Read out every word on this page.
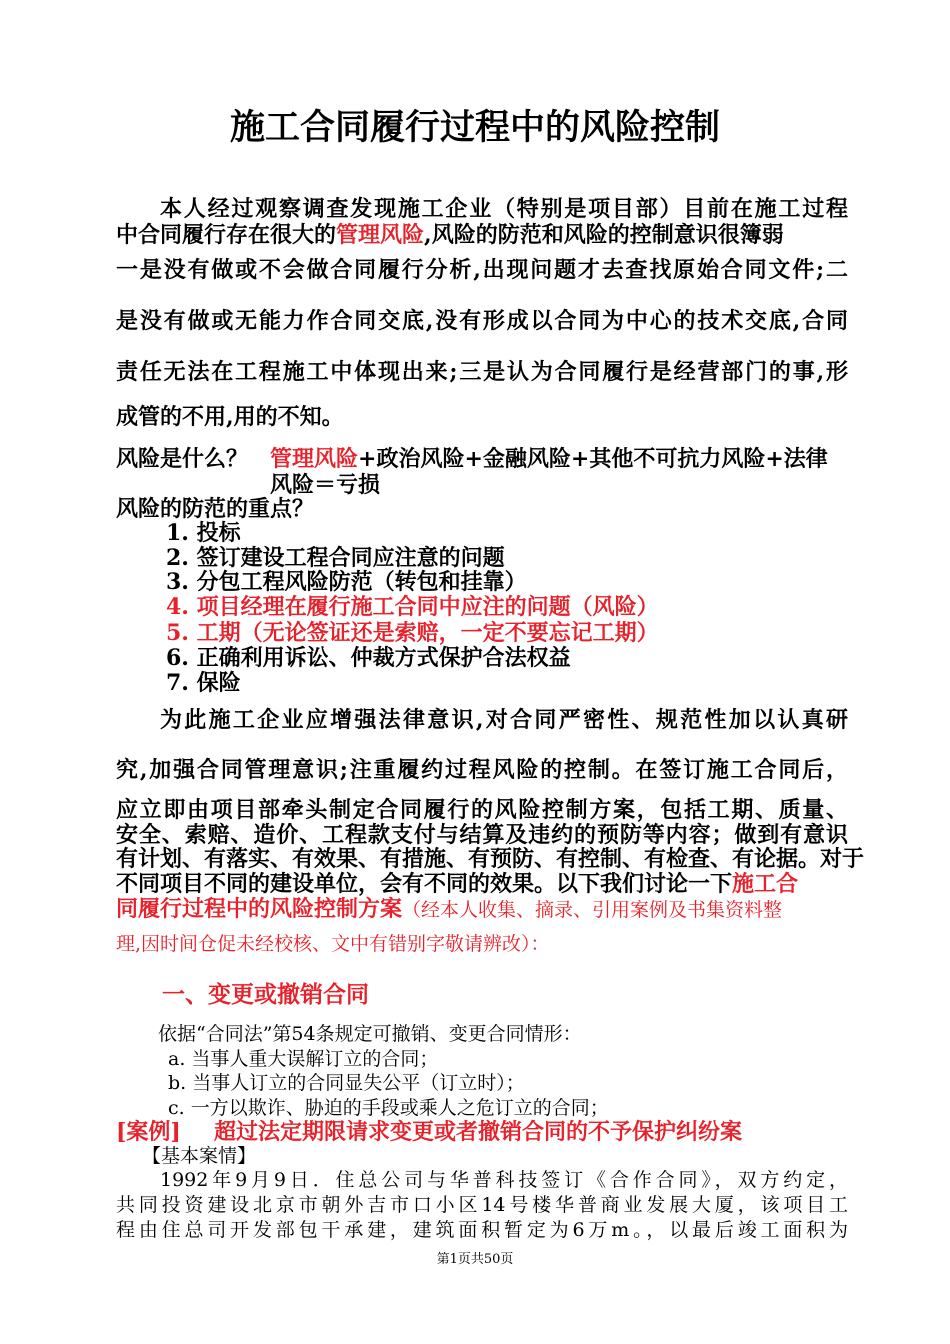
施工合同履行过程中的风险控制
本人经过观察调查发现施工企业（特别是项目部）目前在施工过程
中合同履行存在很大的管理风险,风险的防范和风险的控制意识很簿弱
一是没有做或不会做合同履行分析,出现问题才去查找原始合同文件;二
是没有做或无能力作合同交底,没有形成以合同为中心的技术交底,合同
责任无法在工程施工中体现出来;三是认为合同履行是经营部门的事,形
成管的不用,用的不知。
风险是什么？ 管理风险+政治风险+金融风险+其他不可抗力风险+法律
风险＝亏损
风险的防范的重点？
1. 投标
2. 签订建设工程合同应注意的问题
3. 分包工程风险防范（转包和挂靠）
4. 项目经理在履行施工合同中应注的问题（风险）
5. 工期（无论签证还是索赔，一定不要忘记工期）
6. 正确利用诉讼、仲裁方式保护合法权益
7. 保险
为此施工企业应增强法律意识,对合同严密性、规范性加以认真研
究,加强合同管理意识;注重履约过程风险的控制。在签订施工合同后，
应立即由项目部牵头制定合同履行的风险控制方案，包括工期、质量、
安全、索赔、造价、工程款支付与结算及违约的预防等内容；做到有意识
有计划、有落实、有效果、有措施、有预防、有控制、有检查、有论据。对于
不同项目不同的建设单位，会有不同的效果。以下我们讨论一下施工合
同履行过程中的风险控制方案（经本人收集、摘录、引用案例及书集资料整
理,因时间仓促未经校核、文中有错别字敬请辨改）：
一、变更或撤销合同
依据“合同法”第54条规定可撤销、变更合同情形：
a. 当事人重大误解订立的合同；
b. 当事人订立的合同显失公平（订立时）；
c. 一方以欺诈、胁迫的手段或乘人之危订立的合同；
[案例] 超过法定期限请求变更或者撤销合同的不予保护纠纷案
【基本案情】
1992年9月9日．住总公司与华普科技签订《合作合同》，双方约定，
共同投资建设北京市朝外吉市口小区14号楼华普商业发展大厦，该项目工
程由住总司开发部包干承建，建筑面积暂定为6万m。，以最后竣工面积为
第1页共50页
